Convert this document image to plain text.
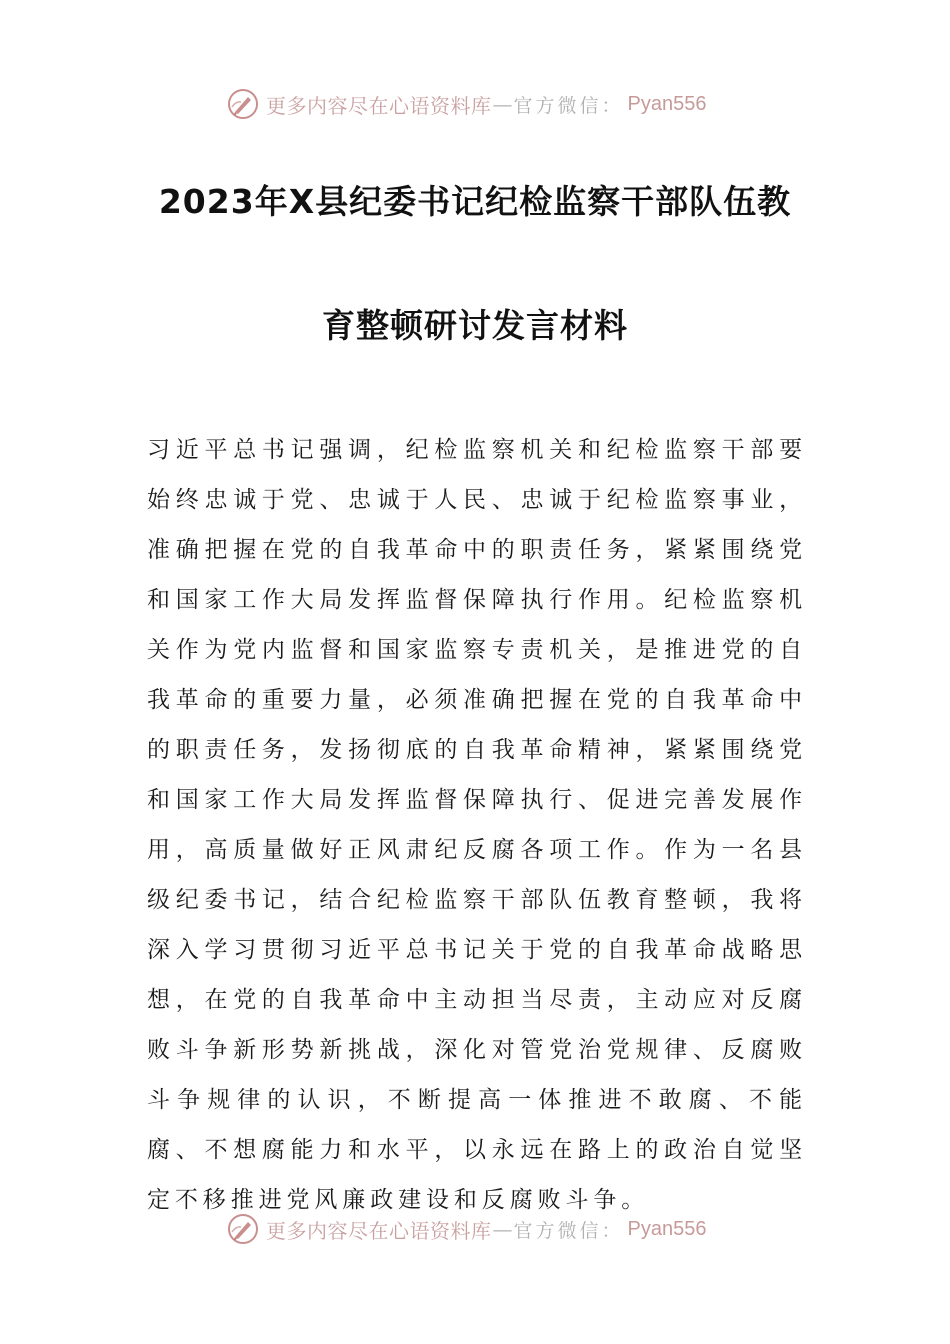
更多内容尽在心语资料库 — 官方微信： Pyan556
2023年X县纪委书记纪检监察干部队伍教
育整顿研讨发言材料

习近平总书记强调，纪检监察机关和纪检监察干部要始终忠诚于党、忠诚于人民、忠诚于纪检监察事业，准确把握在党的自我革命中的职责任务，紧紧围绕党和国家工作大局发挥监督保障执行作用。纪检监察机关作为党内监督和国家监察专责机关，是推进党的自我革命的重要力量，必须准确把握在党的自我革命中的职责任务，发扬彻底的自我革命精神，紧紧围绕党和国家工作大局发挥监督保障执行、促进完善发展作用，高质量做好正风肃纪反腐各项工作。作为一名县级纪委书记，结合纪检监察干部队伍教育整顿，我将深入学习贯彻习近平总书记关于党的自我革命战略思想，在党的自我革命中主动担当尽责，主动应对反腐败斗争新形势新挑战，深化对管党治党规律、反腐败斗争规律的认识，不断提高一体推进不敢腐、不能腐、不想腐能力和水平，以永远在路上的政治自觉坚定不移推进党风廉政建设和反腐败斗争。

更多内容尽在心语资料库 — 官方微信： Pyan556
